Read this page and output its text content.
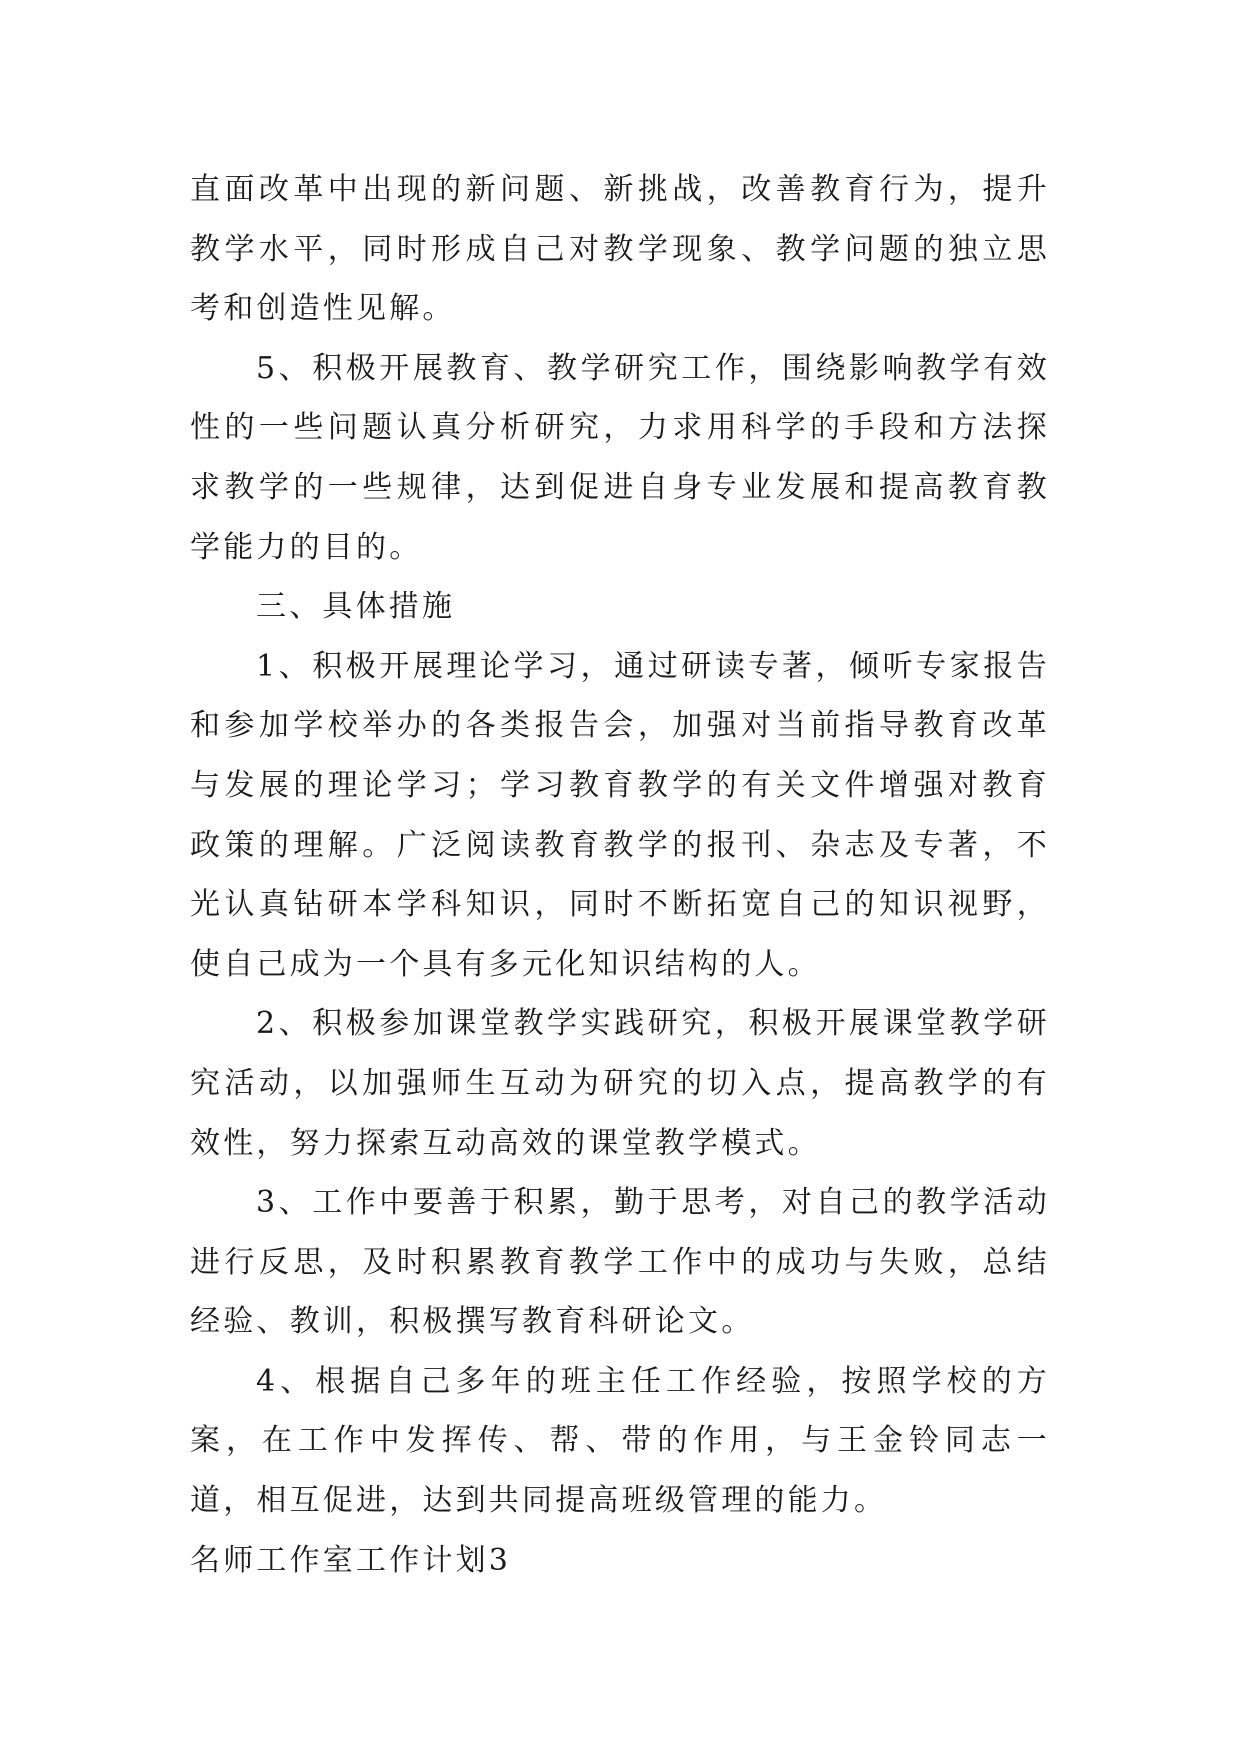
直面改革中出现的新问题、新挑战，改善教育行为，提升教学水平，同时形成自己对教学现象、教学问题的独立思考和创造性见解。

5、积极开展教育、教学研究工作，围绕影响教学有效性的一些问题认真分析研究，力求用科学的手段和方法探求教学的一些规律，达到促进自身专业发展和提高教育教学能力的目的。

三、具体措施

1、积极开展理论学习，通过研读专著，倾听专家报告和参加学校举办的各类报告会，加强对当前指导教育改革与发展的理论学习；学习教育教学的有关文件增强对教育政策的理解。广泛阅读教育教学的报刊、杂志及专著，不光认真钻研本学科知识，同时不断拓宽自己的知识视野，使自己成为一个具有多元化知识结构的人。

2、积极参加课堂教学实践研究，积极开展课堂教学研究活动，以加强师生互动为研究的切入点，提高教学的有效性，努力探索互动高效的课堂教学模式。

3、工作中要善于积累，勤于思考，对自己的教学活动进行反思，及时积累教育教学工作中的成功与失败，总结经验、教训，积极撰写教育科研论文。

4、根据自己多年的班主任工作经验，按照学校的方案，在工作中发挥传、帮、带的作用，与王金铃同志一道，相互促进，达到共同提高班级管理的能力。

名师工作室工作计划3
